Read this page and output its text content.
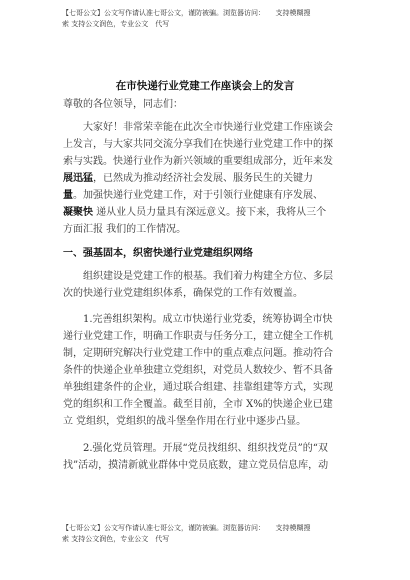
【七哥公文】公文写作请认准七哥公文，谨防被骗。浏览器访问：　　支持模糊搜
索 支持公文润色，专业公文　代写
在市快递行业党建工作座谈会上的发言
尊敬的各位领导，同志们：
大家好！非常荣幸能在此次全市快递行业党建工作座谈会
上发言，与大家共同交流分享我们在快递行业党建工作中的探
索与实践。快递行业作为新兴领域的重要组成部分，近年来发
展迅猛，已然成为推动经济社会发展、服务民生的关键力
量。加强快递行业党建工作，对于引领行业健康有序发展、
凝聚快 递从业人员力量具有深远意义。接下来，我将从三个
方面汇报 我们的工作情况。
一、强基固本，织密快递行业党建组织网络
组织建设是党建工作的根基。我们着力构建全方位、多层
次的快递行业党建组织体系，确保党的工作有效覆盖。
1.完善组织架构。成立市快递行业党委，统筹协调全市快
递行业党建工作，明确工作职责与任务分工，建立健全工作机
制，定期研究解决行业党建工作中的重点难点问题。推动符合
条件的快递企业单独建立党组织，对党员人数较少、暂不具备
单独组建条件的企业，通过联合组建、挂靠组建等方式，实现
党的组织和工作全覆盖。截至目前，全市 X%的快递企业已建
立 党组织，党组织的战斗堡垒作用在行业中逐步凸显。
2.强化党员管理。开展“党员找组织、组织找党员”的“双
找”活动，摸清新就业群体中党员底数，建立党员信息库，动
【七哥公文】公文写作请认准七哥公文，谨防被骗。浏览器访问：　　支持模糊搜
索 支持公文润色，专业公文　代写
